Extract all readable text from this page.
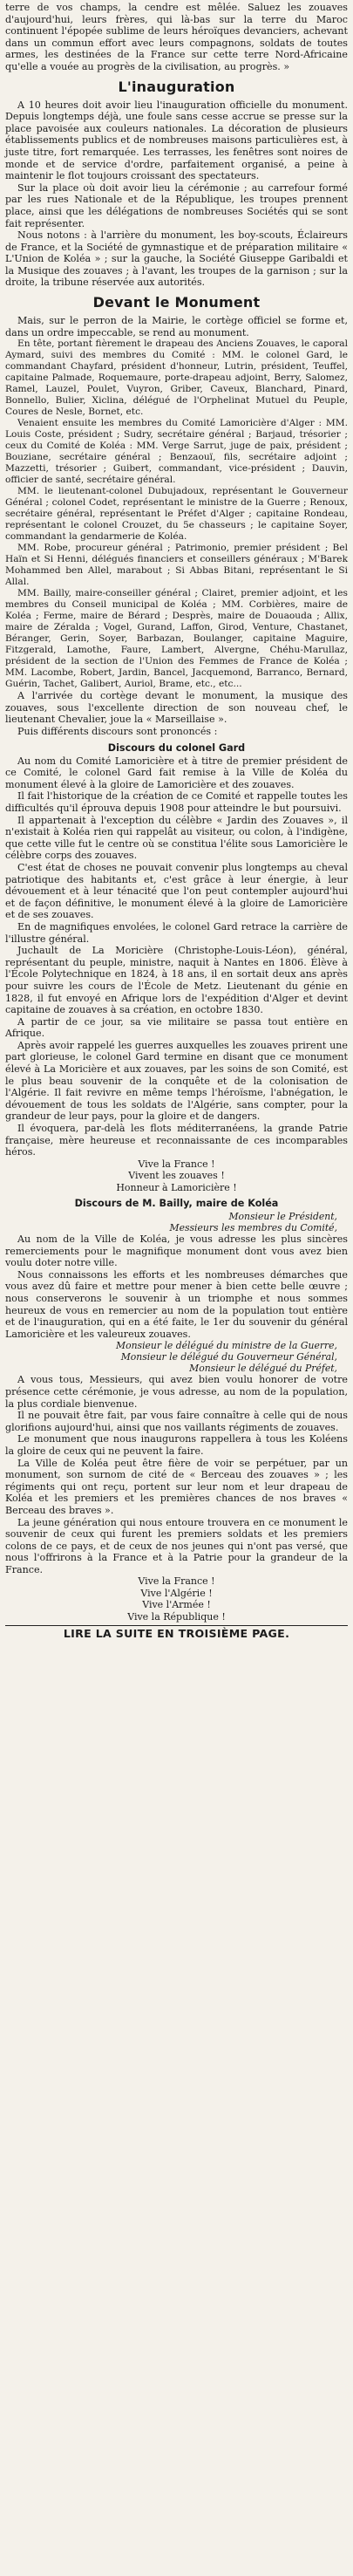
terre de vos champs, la cendre est mêlée. Saluez les zouaves d'aujourd'hui, leurs frères, qui là-bas sur la terre du Maroc continuent l'épopée sublime de leurs héroïques devanciers, achevant dans un commun effort avec leurs compagnons, soldats de toutes armes, les destinées de la France sur cette terre Nord-Africaine qu'elle a vouée au progrès de la civilisation, au progrès. »

L'inauguration

A 10 heures doit avoir lieu l'inauguration officielle du monument. Depuis longtemps déjà, une foule sans cesse accrue se presse sur la place pavoisée aux couleurs nationales. La décoration de plusieurs établissements publics et de nombreuses maisons particulières est, à juste titre, fort remarquée. Les terrasses, les fenêtres sont noires de monde et de service d'ordre, parfaitement organisé, a peine à maintenir le flot toujours croissant des spectateurs.

Sur la place où doit avoir lieu la cérémonie ; au carrefour formé par les rues Nationale et de la République, les troupes prennent place, ainsi que les délégations de nombreuses Sociétés qui se sont fait représenter.

Nous notons : à l'arrière du monument, les boy-scouts, Éclaireurs de France, et la Société de gymnastique et de préparation militaire « L'Union de Koléa » ; sur la gauche, la Société Giuseppe Garibaldi et la Musique des zouaves ; à l'avant, les troupes de la garnison ; sur la droite, la tribune réservée aux autorités.

Devant le Monument

Mais, sur le perron de la Mairie, le cortège officiel se forme et, dans un ordre impeccable, se rend au monument.

En tête, portant fièrement le drapeau des Anciens Zouaves, le caporal Aymard, suivi des membres du Comité : MM. le colonel Gard, le commandant Chayfard, président d'honneur, Lutrin, président, Teuffel, capitaine Palmade, Roquemaure, porte-drapeau adjoint, Berry, Salomez, Ramel, Lauzel, Poulet, Vuyron, Griber, Caveux, Blanchard, Pinard, Bonnello, Bulier, Xiclina, délégué de l'Orphelinat Mutuel du Peuple, Coures de Nesle, Bornet, etc.

Venaient ensuite les membres du Comité Lamoricière d'Alger : MM. Louis Coste, président ; Sudry, secrétaire général ; Barjaud, trésorier ; ceux du Comité de Koléa : MM. Verge Sarrut, juge de paix, président ; Bouziane, secrétaire général ; Benzaouï, fils, secrétaire adjoint ; Mazzetti, trésorier ; Guibert, commandant, vice-président ; Dauvin, officier de santé, secrétaire général.

MM. le lieutenant-colonel Dubujadoux, représentant le Gouverneur Général ; colonel Codet, représentant le ministre de la Guerre ; Renoux, secrétaire général, représentant le Préfet d'Alger ; capitaine Rondeau, représentant le colonel Crouzet, du 5e chasseurs ; le capitaine Soyer, commandant la gendarmerie de Koléa.

MM. Robe, procureur général ; Patrimonio, premier président ; Bel Haïn et Si Henni, délégués financiers et conseillers généraux ; M'Barek Mohammed ben Allel, marabout ; Si Abbas Bitani, représentant le Si Allal.

MM. Bailly, maire-conseiller général ; Clairet, premier adjoint, et les membres du Conseil municipal de Koléa ; MM. Corbières, maire de Koléa ; Ferme, maire de Bérard ; Desprès, maire de Douaouda ; Allix, maire de Zéralda ; Vogel, Gurand, Laffon, Girod, Venture, Chastanet, Béranger, Gerin, Soyer, Barbazan, Boulanger, capitaine Maguire, Fitzgerald, Lamothe, Faure, Lambert, Alvergne, Chéhu-Marullaz, président de la section de l'Union des Femmes de France de Koléa ; MM. Lacombe, Robert, Jardin, Bancel, Jacquemond, Barranco, Bernard, Guérin, Tachet, Galibert, Auriol, Brame, etc., etc...

A l'arrivée du cortège devant le monument, la musique des zouaves, sous l'excellente direction de son nouveau chef, le lieutenant Chevalier, joue la « Marseillaise ».

Puis différents discours sont prononcés :

Discours du colonel Gard

Au nom du Comité Lamoricière et à titre de premier président de ce Comité, le colonel Gard fait remise à la Ville de Koléa du monument élevé à la gloire de Lamoricière et des zouaves.

Il fait l'historique de la création de ce Comité et rappelle toutes les difficultés qu'il éprouva depuis 1908 pour atteindre le but poursuivi.

Il appartenait à l'exception du célèbre « Jardin des Zouaves », il n'existait à Koléa rien qui rappelât au visiteur, ou colon, à l'indigène, que cette ville fut le centre où se constitua l'élite sous Lamoricière le célèbre corps des zouaves.

C'est état de choses ne pouvait convenir plus longtemps au cheval patriotique des habitants et, c'est grâce à leur énergie, à leur dévouement et à leur ténacité que l'on peut contempler aujourd'hui et de façon définitive, le monument élevé à la gloire de Lamoricière et de ses zouaves.

En de magnifiques envolées, le colonel Gard retrace la carrière de l'illustre général.

Juchault de La Moricière (Christophe-Louis-Léon), général, représentant du peuple, ministre, naquit à Nantes en 1806. Élève à l'École Polytechnique en 1824, à 18 ans, il en sortait deux ans après pour suivre les cours de l'École de Metz. Lieutenant du génie en 1828, il fut envoyé en Afrique lors de l'expédition d'Alger et devint capitaine de zouaves à sa création, en octobre 1830.

A partir de ce jour, sa vie militaire se passa tout entière en Afrique.

Après avoir rappelé les guerres auxquelles les zouaves prirent une part glorieuse, le colonel Gard termine en disant que ce monument élevé à La Moricière et aux zouaves, par les soins de son Comité, est le plus beau souvenir de la conquête et de la colonisation de l'Algérie. Il fait revivre en même temps l'héroïsme, l'abnégation, le dévouement de tous les soldats de l'Algérie, sans compter, pour la grandeur de leur pays, pour la gloire et de dangers.

Il évoquera, par-delà les flots méditerranéens, la grande Patrie française, mère heureuse et reconnaissante de ces incomparables héros.

Vive la France !

Vivent les zouaves !

Honneur à Lamoricière !

Discours de M. Bailly, maire de Koléa

Monsieur le Président,

Messieurs les membres du Comité,

Au nom de la Ville de Koléa, je vous adresse les plus sincères remerciements pour le magnifique monument dont vous avez bien voulu doter notre ville.

Nous connaissons les efforts et les nombreuses démarches que vous avez dû faire et mettre pour mener à bien cette belle œuvre ; nous conserverons le souvenir à un triomphe et nous sommes heureux de vous en remercier au nom de la population tout entière et de l'inauguration, qui en a été faite, le 1er du souvenir du général Lamoricière et les valeureux zouaves.

Monsieur le délégué du ministre de la Guerre,

Monsieur le délégué du Gouverneur Général,

Monsieur le délégué du Préfet,

A vous tous, Messieurs, qui avez bien voulu honorer de votre présence cette cérémonie, je vous adresse, au nom de la population, la plus cordiale bienvenue.

Il ne pouvait être fait, par vous faire connaître à celle qui de nous glorifions aujourd'hui, ainsi que nos vaillants régiments de zouaves.

Le monument que nous inaugurons rappellera à tous les Koléens la gloire de ceux qui ne peuvent la faire.

La Ville de Koléa peut être fière de voir se perpétuer, par un monument, son surnom de cité de « Berceau des zouaves » ; les régiments qui ont reçu, portent sur leur nom et leur drapeau de Koléa et les premiers et les premières chances de nos braves « Berceau des braves ».

La jeune génération qui nous entoure trouvera en ce monument le souvenir de ceux qui furent les premiers soldats et les premiers colons de ce pays, et de ceux de nos jeunes qui n'ont pas versé, que nous l'offrirons à la France et à la Patrie pour la grandeur de la France.

Vive la France !

Vive l'Algérie !

Vive l'Armée !

Vive la République !

LIRE LA SUITE EN TROISIÈME PAGE.
